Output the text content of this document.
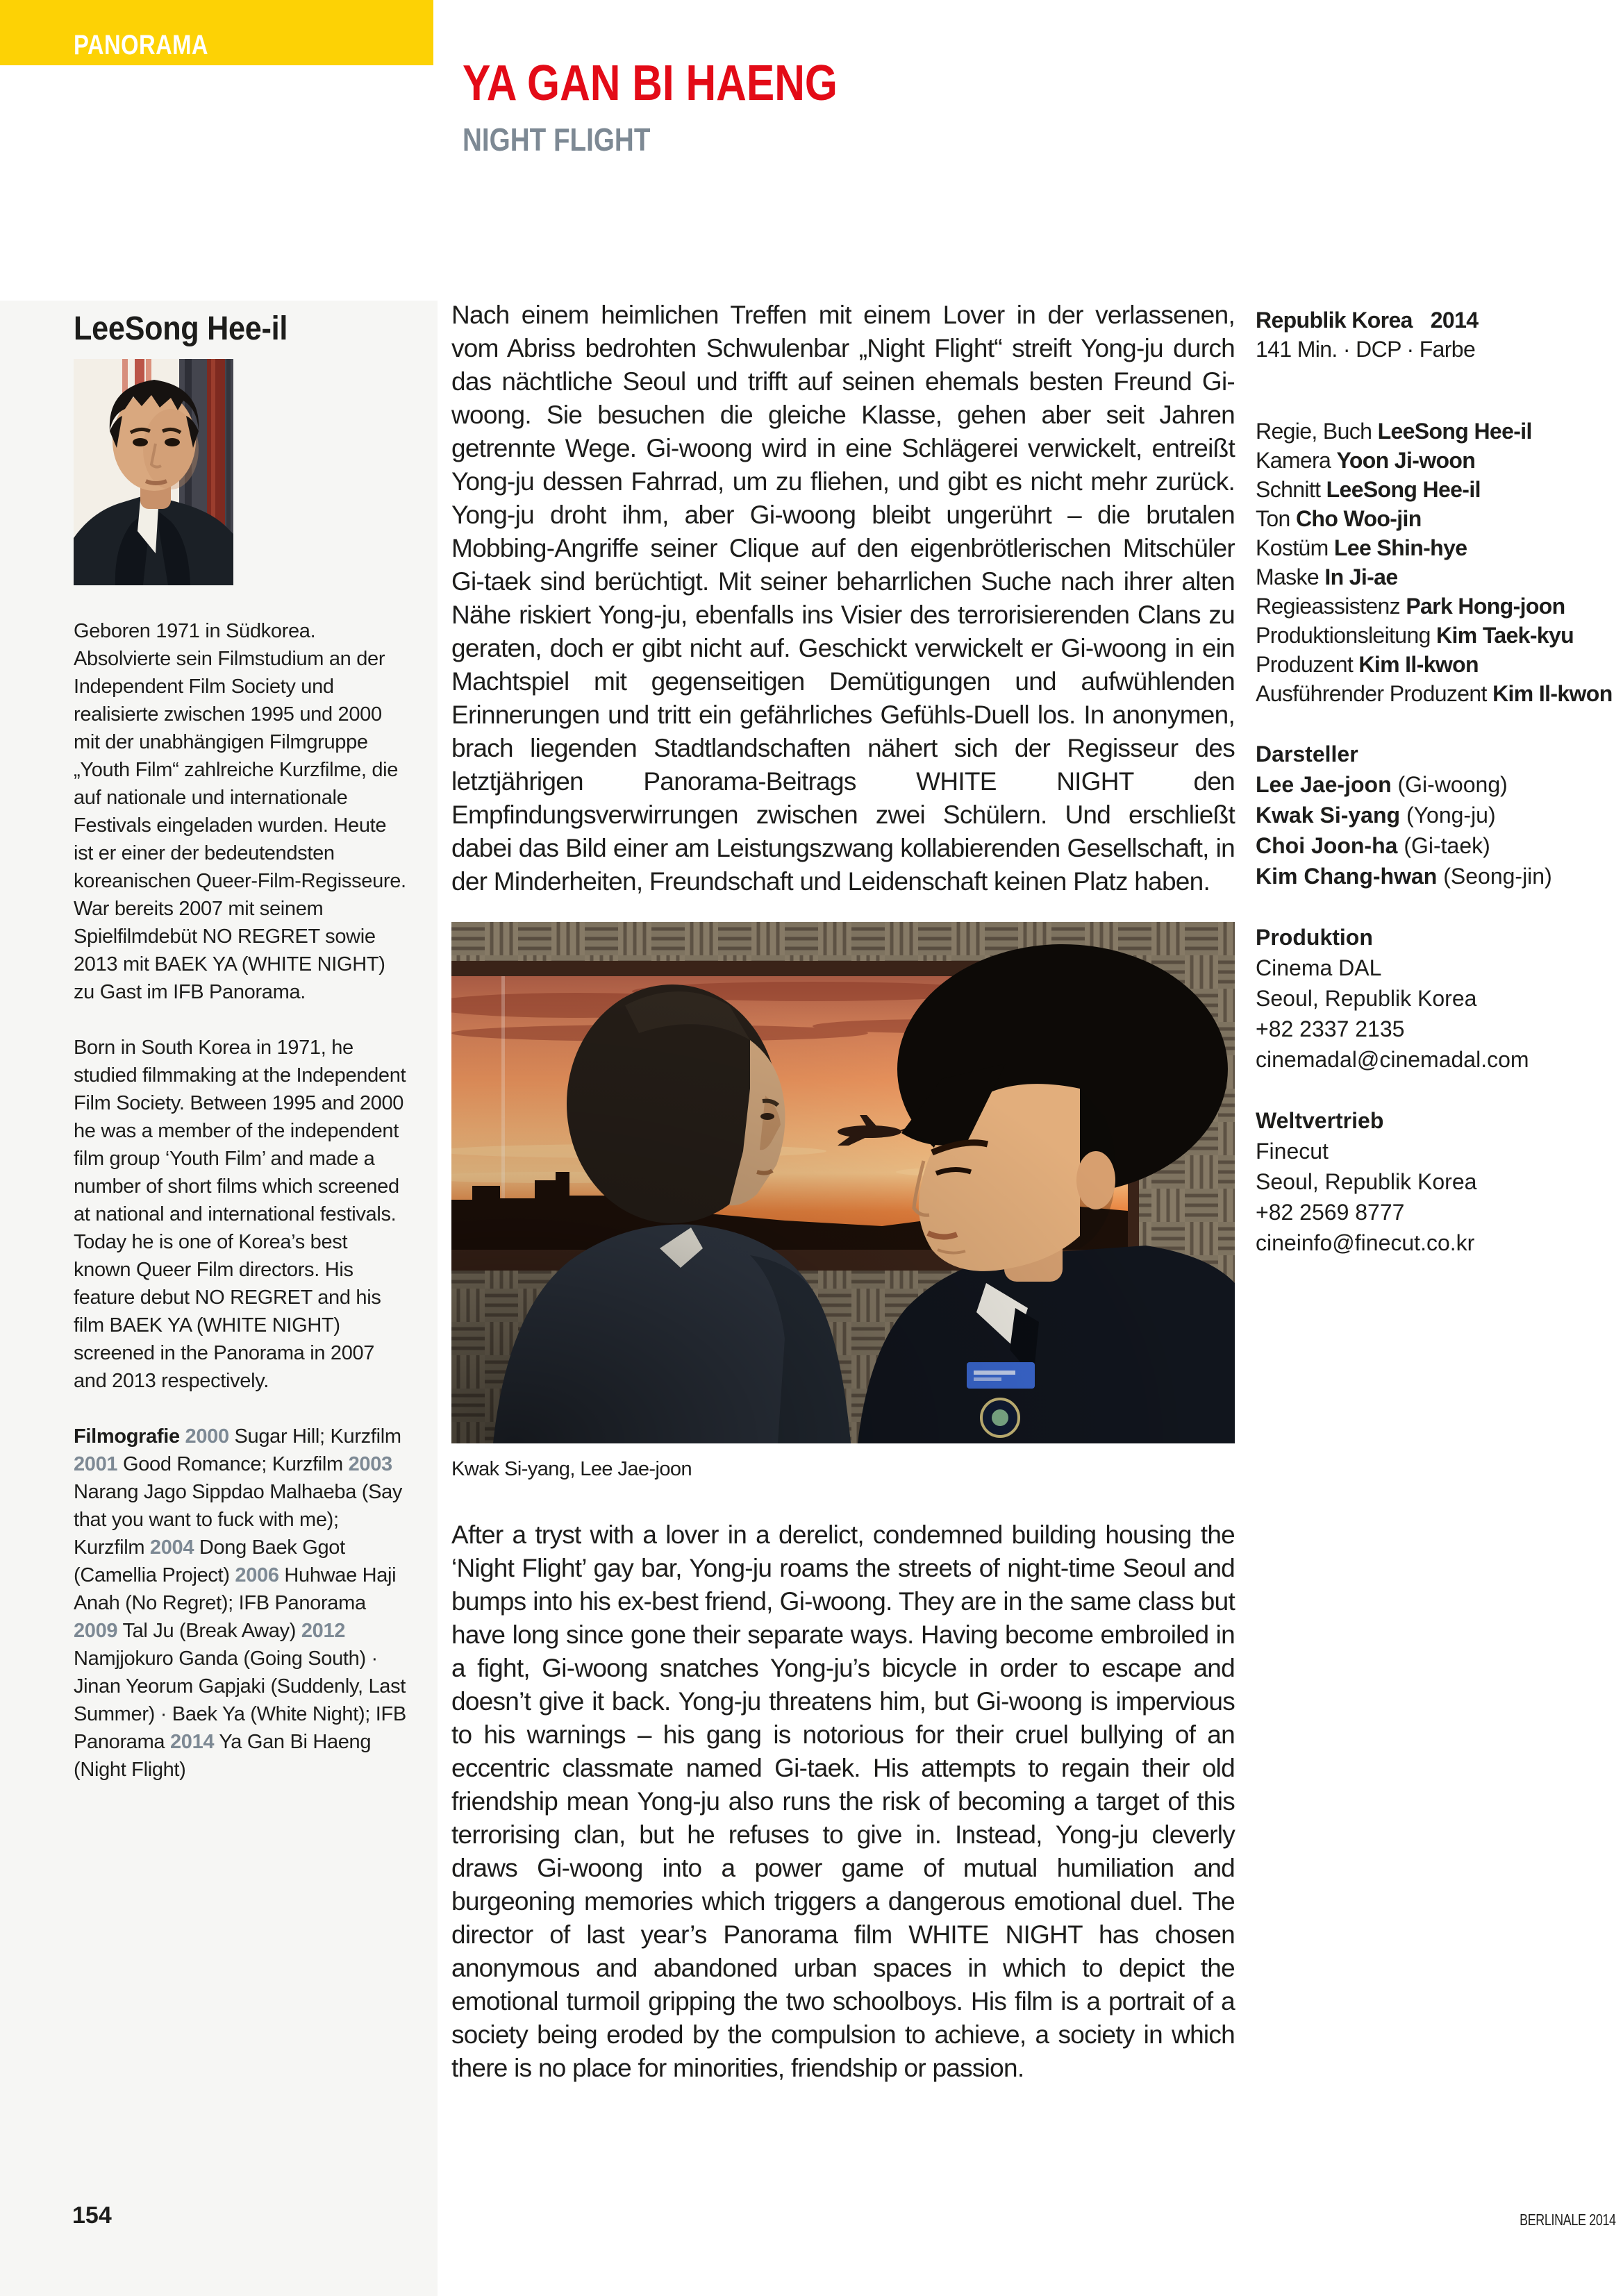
PANORAMA
YA GAN BI HAENG
NIGHT FLIGHT
LeeSong Hee-il

Geboren 1971 in Südkorea. Absolvierte sein Filmstudium an der Independent Film Society und realisierte zwischen 1995 und 2000 mit der unabhängigen Filmgruppe „Youth Film“ zahlreiche Kurzfilme, die auf nationale und internationale Festivals eingeladen wurden. Heute ist er einer der bedeutendsten koreanischen Queer-Film-Regisseure. War bereits 2007 mit seinem Spielfilmdebüt NO REGRET sowie 2013 mit BAEK YA (WHITE NIGHT) zu Gast im IFB Panorama.

Born in South Korea in 1971, he studied filmmaking at the Independent Film Society. Between 1995 and 2000 he was a member of the independent film group ‘Youth Film’ and made a number of short films which screened at national and international festivals. Today he is one of Korea’s best known Queer Film directors. His feature debut NO REGRET and his film BAEK YA (WHITE NIGHT) screened in the Panorama in 2007 and 2013 respectively.

Filmografie 2000 Sugar Hill; Kurzfilm 2001 Good Romance; Kurzfilm 2003 Narang Jago Sippdao Malhaeba (Say that you want to fuck with me); Kurzfilm 2004 Dong Baek Ggot (Camellia Project) 2006 Huhwae Haji Anah (No Regret); IFB Panorama 2009 Tal Ju (Break Away) 2012 Namjjokuro Ganda (Going South) · Jinan Yeorum Gapjaki (Suddenly, Last Summer) · Baek Ya (White Night); IFB Panorama 2014 Ya Gan Bi Haeng (Night Flight)

Nach einem heimlichen Treffen mit einem Lover in der verlassenen, vom Abriss bedrohten Schwulenbar „Night Flight“ streift Yong-ju durch das nächtliche Seoul und trifft auf seinen ehemals besten Freund Gi-woong. Sie besuchen die gleiche Klasse, gehen aber seit Jahren getrennte Wege. Gi-woong wird in eine Schlägerei verwickelt, entreißt Yong-ju dessen Fahrrad, um zu fliehen, und gibt es nicht mehr zurück. Yong-ju droht ihm, aber Gi-woong bleibt ungerührt – die brutalen Mobbing-Angriffe seiner Clique auf den eigenbrötlerischen Mitschüler Gi-taek sind berüchtigt. Mit seiner beharrlichen Suche nach ihrer alten Nähe riskiert Yong-ju, ebenfalls ins Visier des terrorisierenden Clans zu geraten, doch er gibt nicht auf. Geschickt verwickelt er Gi-woong in ein Machtspiel mit gegenseitigen Demütigungen und aufwühlenden Erinnerungen und tritt ein gefährliches Gefühls-Duell los. In anonymen, brach liegenden Stadtlandschaften nähert sich der Regisseur des letztjährigen Panorama-Beitrags WHITE NIGHT den Empfindungsverwirrungen zwischen zwei Schülern. Und erschließt dabei das Bild einer am Leistungszwang kollabierenden Gesellschaft, in der Minderheiten, Freundschaft und Leidenschaft keinen Platz haben.

Kwak Si-yang, Lee Jae-joon

After a tryst with a lover in a derelict, condemned building housing the ‘Night Flight’ gay bar, Yong-ju roams the streets of night-time Seoul and bumps into his ex-best friend, Gi-woong. They are in the same class but have long since gone their separate ways. Having become embroiled in a fight, Gi-woong snatches Yong-ju’s bicycle in order to escape and doesn’t give it back. Yong-ju threatens him, but Gi-woong is impervious to his warnings – his gang is notorious for their cruel bullying of an eccentric classmate named Gi-taek. His attempts to regain their old friendship mean Yong-ju also runs the risk of becoming a target of this terrorising clan, but he refuses to give in. Instead, Yong-ju cleverly draws Gi-woong into a power game of mutual humiliation and burgeoning memories which triggers a dangerous emotional duel. The director of last year’s Panorama film WHITE NIGHT has chosen anonymous and abandoned urban spaces in which to depict the emotional turmoil gripping the two schoolboys. His film is a portrait of a society being eroded by the compulsion to achieve, a society in which there is no place for minorities, friendship or passion.

Republik Korea 2014
141 Min. · DCP · Farbe
Regie, Buch LeeSong Hee-il
Kamera Yoon Ji-woon
Schnitt LeeSong Hee-il
Ton Cho Woo-jin
Kostüm Lee Shin-hye
Maske In Ji-ae
Regieassistenz Park Hong-joon
Produktionsleitung Kim Taek-kyu
Produzent Kim Il-kwon
Ausführender Produzent Kim Il-kwon
Darsteller
Lee Jae-joon (Gi-woong)
Kwak Si-yang (Yong-ju)
Choi Joon-ha (Gi-taek)
Kim Chang-hwan (Seong-jin)
Produktion
Cinema DAL
Seoul, Republik Korea
+82 2337 2135
cinemadal@cinemadal.com
Weltvertrieb
Finecut
Seoul, Republik Korea
+82 2569 8777
cineinfo@finecut.co.kr
154	BERLINALE 2014
